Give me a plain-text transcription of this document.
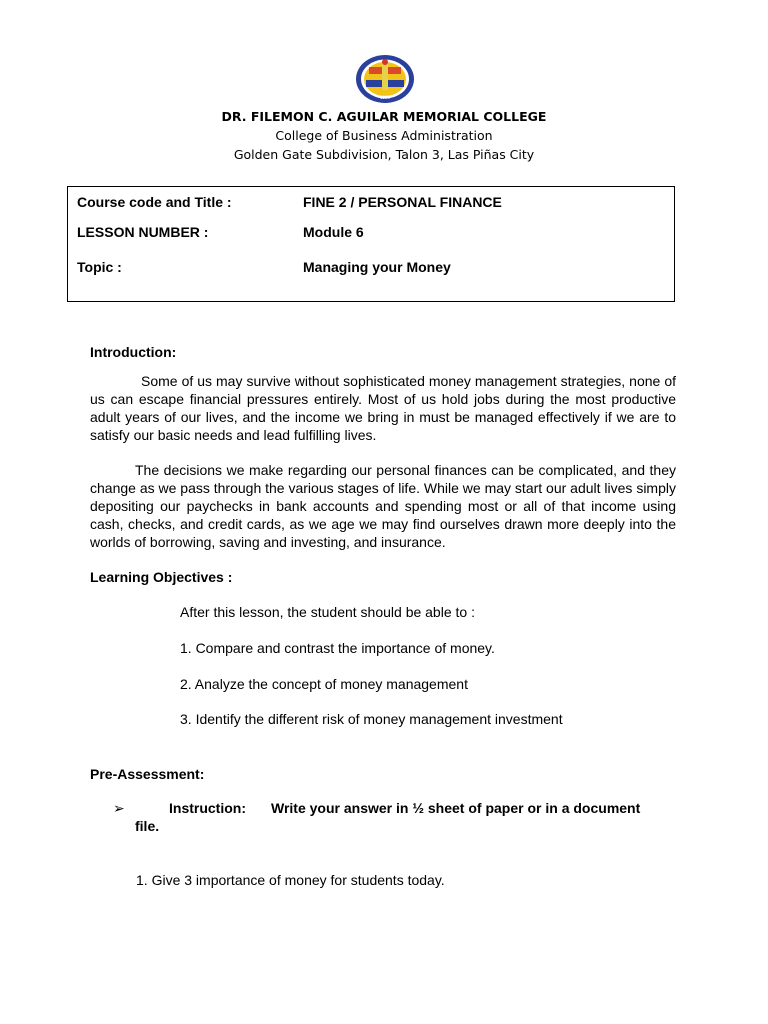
1993
DR. FILEMON C. AGUILAR MEMORIAL COLLEGE
College of Business Administration
Golden Gate Subdivision, Talon 3, Las Piñas City
Course code and Title :	FINE 2 / PERSONAL FINANCE
LESSON NUMBER :	Module 6
Topic :	Managing your Money
Introduction:
Some of us may survive without sophisticated money management strategies, none of us can escape financial pressures entirely. Most of us hold jobs during the most productive adult years of our lives, and the income we bring in must be managed effectively if we are to satisfy our basic needs and lead fulfilling lives.
The decisions we make regarding our personal finances can be complicated, and they change as we pass through the various stages of life. While we may start our adult lives simply depositing our paychecks in bank accounts and spending most or all of that income using cash, checks, and credit cards, as we age we may find ourselves drawn more deeply into the worlds of borrowing, saving and investing, and insurance.
Learning Objectives :
After this lesson, the student should be able to :
1. Compare and contrast the importance of money.
2. Analyze the concept of money management
3. Identify the different risk of money management investment
Pre-Assessment:
➢	Instruction: Write your answer in ½ sheet of paper or in a document
file.
1. Give 3 importance of money for students today.
